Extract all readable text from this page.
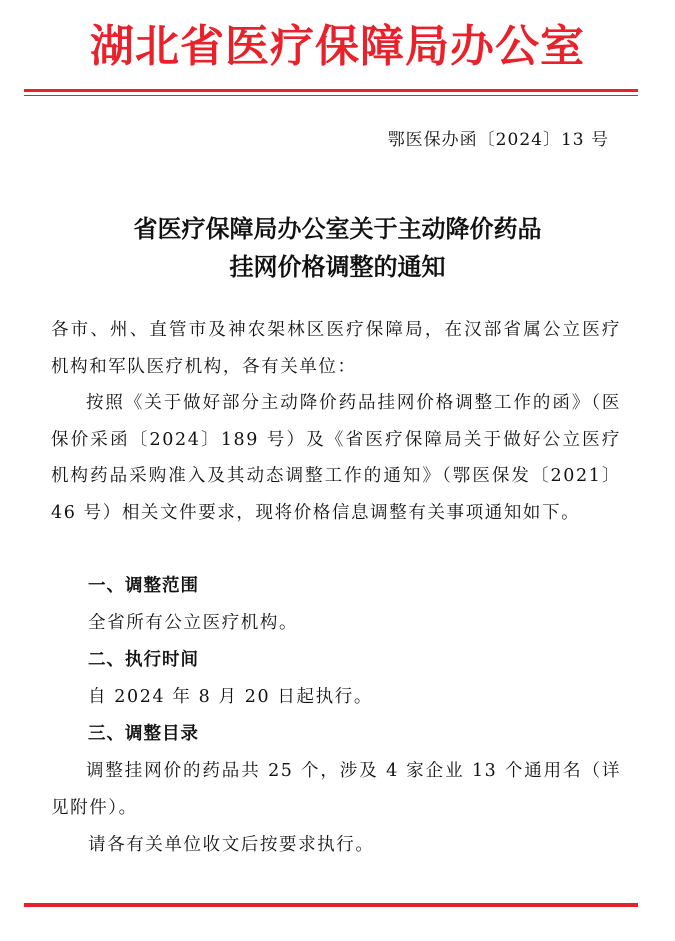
湖北省医疗保障局办公室
鄂医保办函〔2024〕13 号
省医疗保障局办公室关于主动降价药品
挂网价格调整的通知

各市、州、直管市及神农架林区医疗保障局，在汉部省属公立医疗机构和军队医疗机构，各有关单位：

按照《关于做好部分主动降价药品挂网价格调整工作的函》（医保价采函〔2024〕189 号）及《省医疗保障局关于做好公立医疗机构药品采购准入及其动态调整工作的通知》（鄂医保发〔2021〕46 号）相关文件要求，现将价格信息调整有关事项通知如下。

一、调整范围
全省所有公立医疗机构。
二、执行时间
自 2024 年 8 月 20 日起执行。
三、调整目录

调整挂网价的药品共 25 个，涉及 4 家企业 13 个通用名（详见附件）。

请各有关单位收文后按要求执行。
